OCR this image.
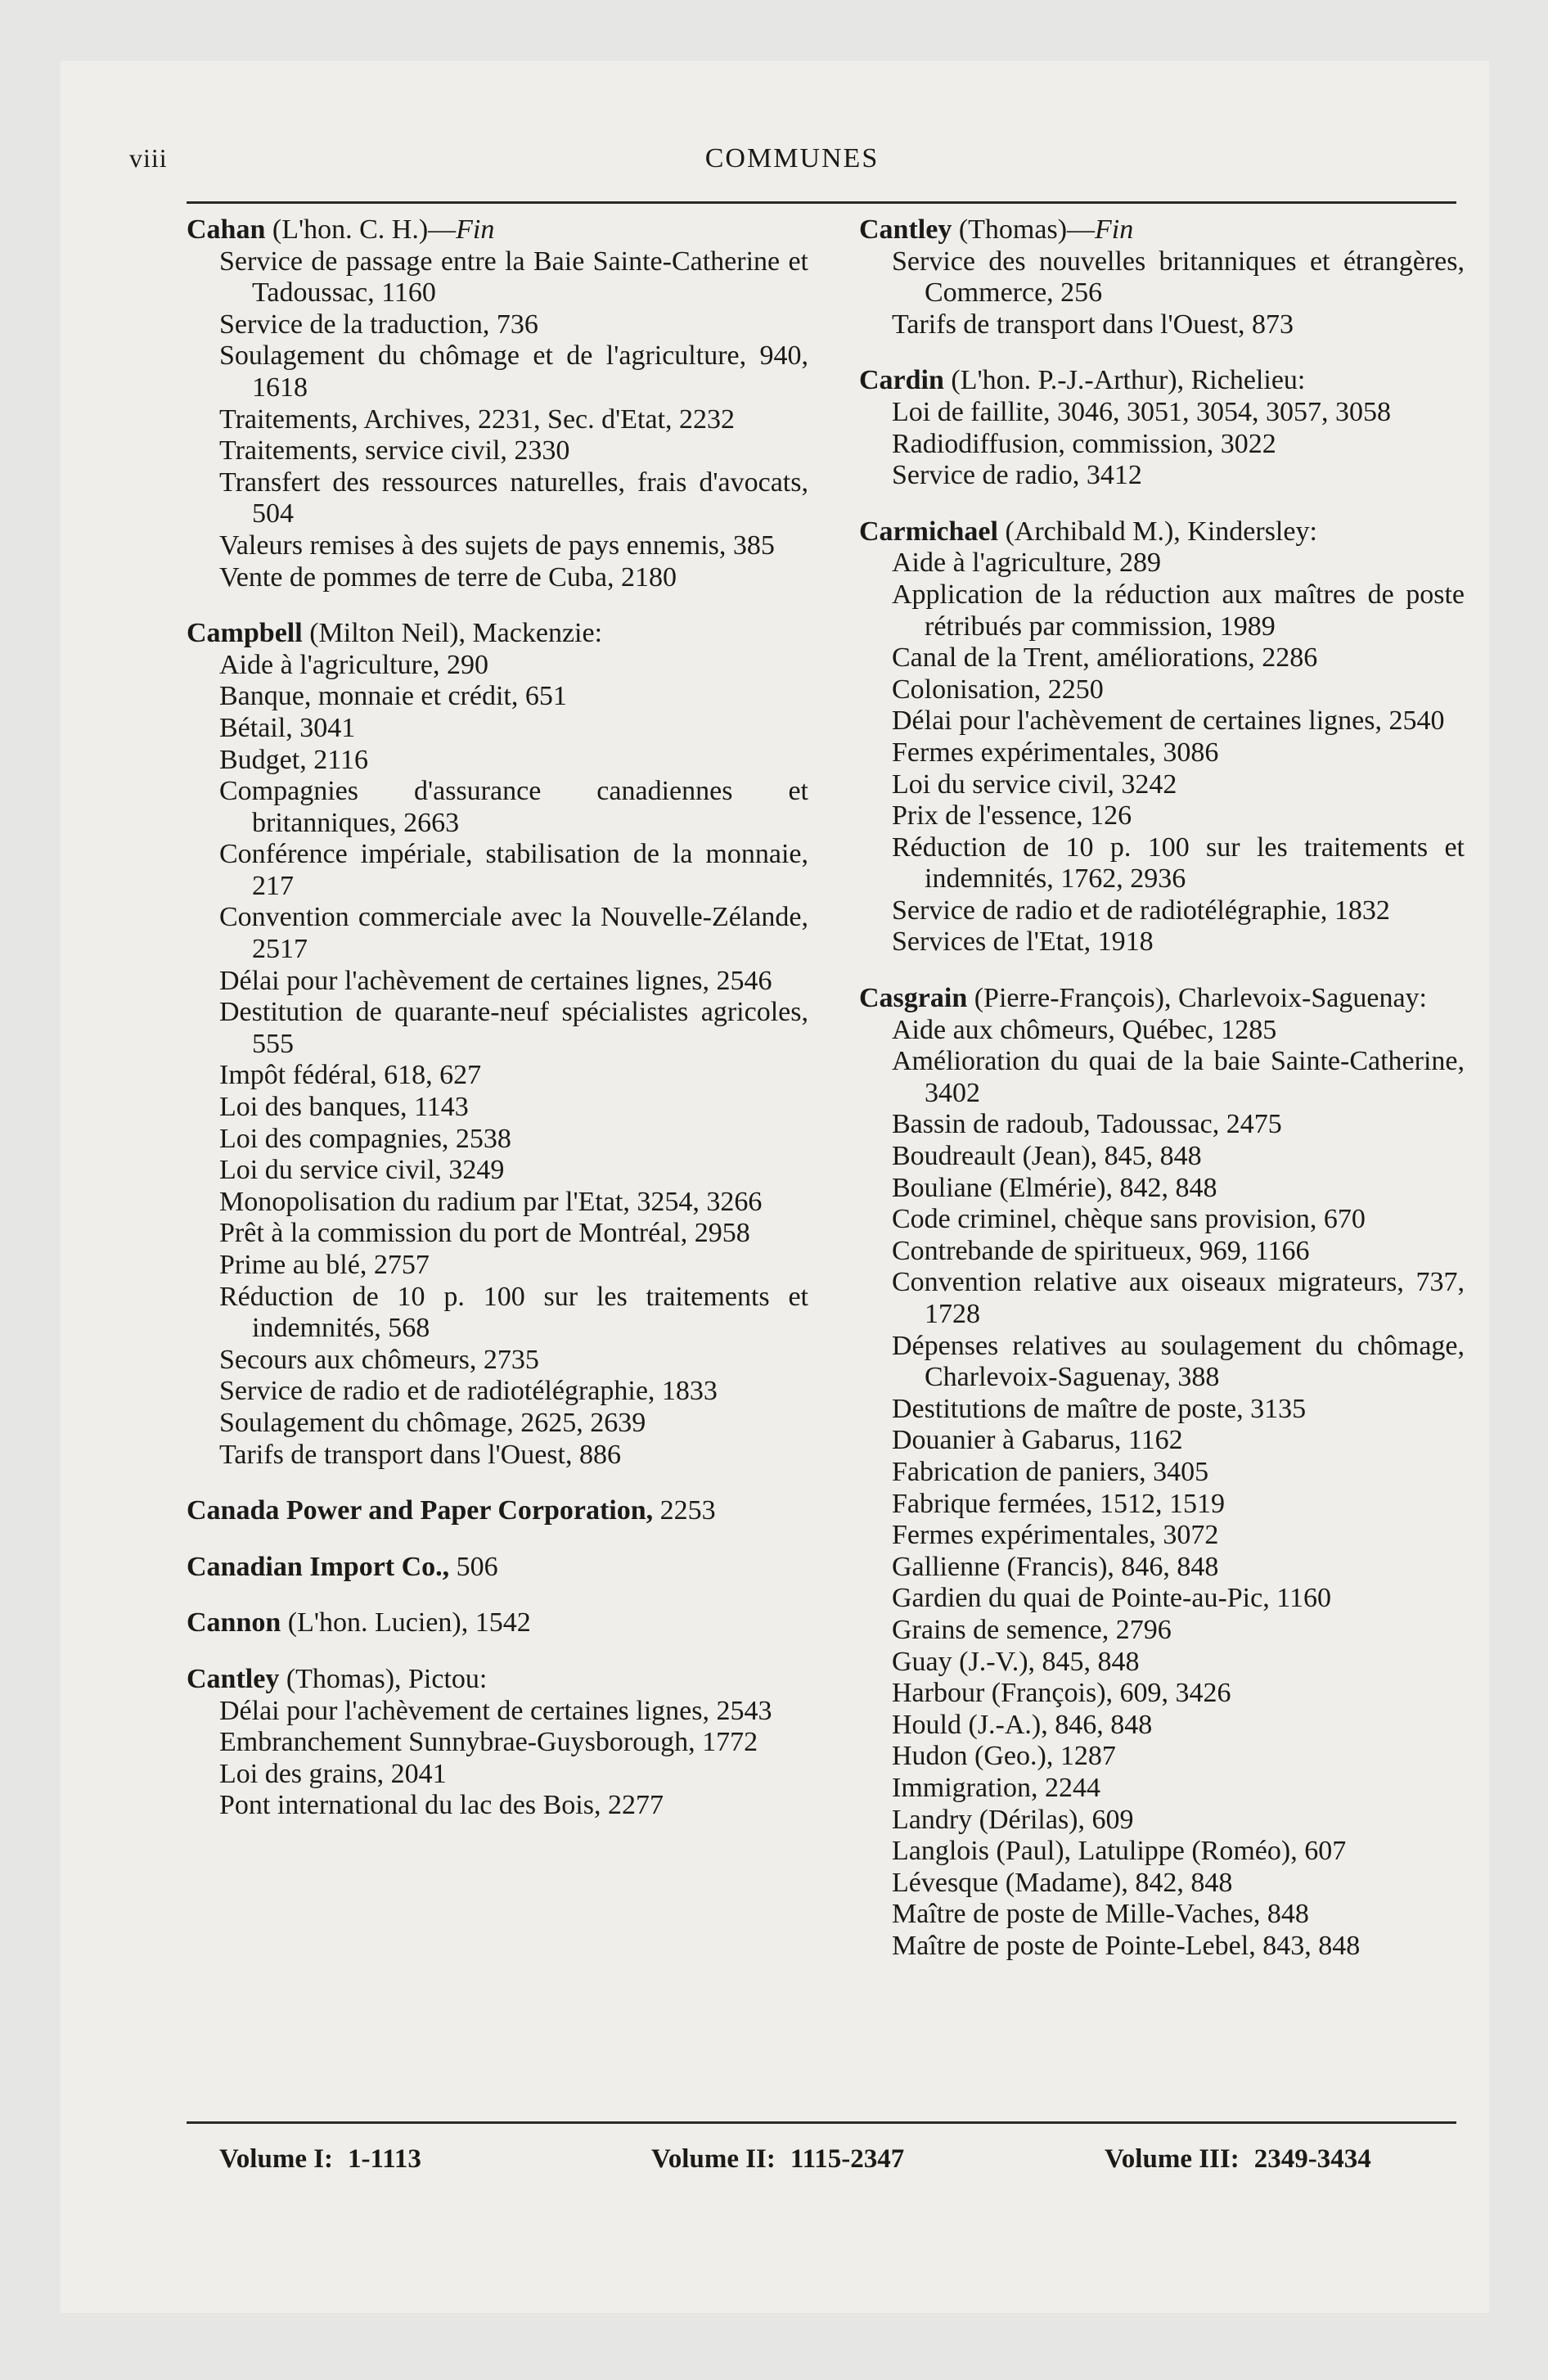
viii	COMMUNES
Cahan (L'hon. C. H.)—Fin
Service de passage entre la Baie Sainte-Catherine et Tadoussac, 1160
Service de la traduction, 736
Soulagement du chômage et de l'agriculture, 940, 1618
Traitements, Archives, 2231, Sec. d'Etat, 2232
Traitements, service civil, 2330
Transfert des ressources naturelles, frais d'avocats, 504
Valeurs remises à des sujets de pays ennemis, 385
Vente de pommes de terre de Cuba, 2180
Campbell (Milton Neil), Mackenzie:
Aide à l'agriculture, 290
Banque, monnaie et crédit, 651
Bétail, 3041
Budget, 2116
Compagnies d'assurance canadiennes et britanniques, 2663
Conférence impériale, stabilisation de la monnaie, 217
Convention commerciale avec la Nouvelle-Zélande, 2517
Délai pour l'achèvement de certaines lignes, 2546
Destitution de quarante-neuf spécialistes agricoles, 555
Impôt fédéral, 618, 627
Loi des banques, 1143
Loi des compagnies, 2538
Loi du service civil, 3249
Monopolisation du radium par l'Etat, 3254, 3266
Prêt à la commission du port de Montréal, 2958
Prime au blé, 2757
Réduction de 10 p. 100 sur les traitements et indemnités, 568
Secours aux chômeurs, 2735
Service de radio et de radiotélégraphie, 1833
Soulagement du chômage, 2625, 2639
Tarifs de transport dans l'Ouest, 886
Canada Power and Paper Corporation, 2253
Canadian Import Co., 506
Cannon (L'hon. Lucien), 1542
Cantley (Thomas), Pictou:
Délai pour l'achèvement de certaines lignes, 2543
Embranchement Sunnybrae-Guysborough, 1772
Loi des grains, 2041
Pont international du lac des Bois, 2277
Cantley (Thomas)—Fin
Service des nouvelles britanniques et étrangères, Commerce, 256
Tarifs de transport dans l'Ouest, 873
Cardin (L'hon. P.-J.-Arthur), Richelieu:
Loi de faillite, 3046, 3051, 3054, 3057, 3058
Radiodiffusion, commission, 3022
Service de radio, 3412
Carmichael (Archibald M.), Kindersley:
Aide à l'agriculture, 289
Application de la réduction aux maîtres de poste rétribués par commission, 1989
Canal de la Trent, améliorations, 2286
Colonisation, 2250
Délai pour l'achèvement de certaines lignes, 2540
Fermes expérimentales, 3086
Loi du service civil, 3242
Prix de l'essence, 126
Réduction de 10 p. 100 sur les traitements et indemnités, 1762, 2936
Service de radio et de radiotélégraphie, 1832
Services de l'Etat, 1918
Casgrain (Pierre-François), Charlevoix-Saguenay:
Aide aux chômeurs, Québec, 1285
Amélioration du quai de la baie Sainte-Catherine, 3402
Bassin de radoub, Tadoussac, 2475
Boudreault (Jean), 845, 848
Bouliane (Elmérie), 842, 848
Code criminel, chèque sans provision, 670
Contrebande de spiritueux, 969, 1166
Convention relative aux oiseaux migrateurs, 737, 1728
Dépenses relatives au soulagement du chômage, Charlevoix-Saguenay, 388
Destitutions de maître de poste, 3135
Douanier à Gabarus, 1162
Fabrication de paniers, 3405
Fabrique fermées, 1512, 1519
Fermes expérimentales, 3072
Gallienne (Francis), 846, 848
Gardien du quai de Pointe-au-Pic, 1160
Grains de semence, 2796
Guay (J.-V.), 845, 848
Harbour (François), 609, 3426
Hould (J.-A.), 846, 848
Hudon (Geo.), 1287
Immigration, 2244
Landry (Dérilas), 609
Langlois (Paul), Latulippe (Roméo), 607
Lévesque (Madame), 842, 848
Maître de poste de Mille-Vaches, 848
Maître de poste de Pointe-Lebel, 843, 848
Volume I: 1-1113	Volume II: 1115-2347	Volume III: 2349-3434
